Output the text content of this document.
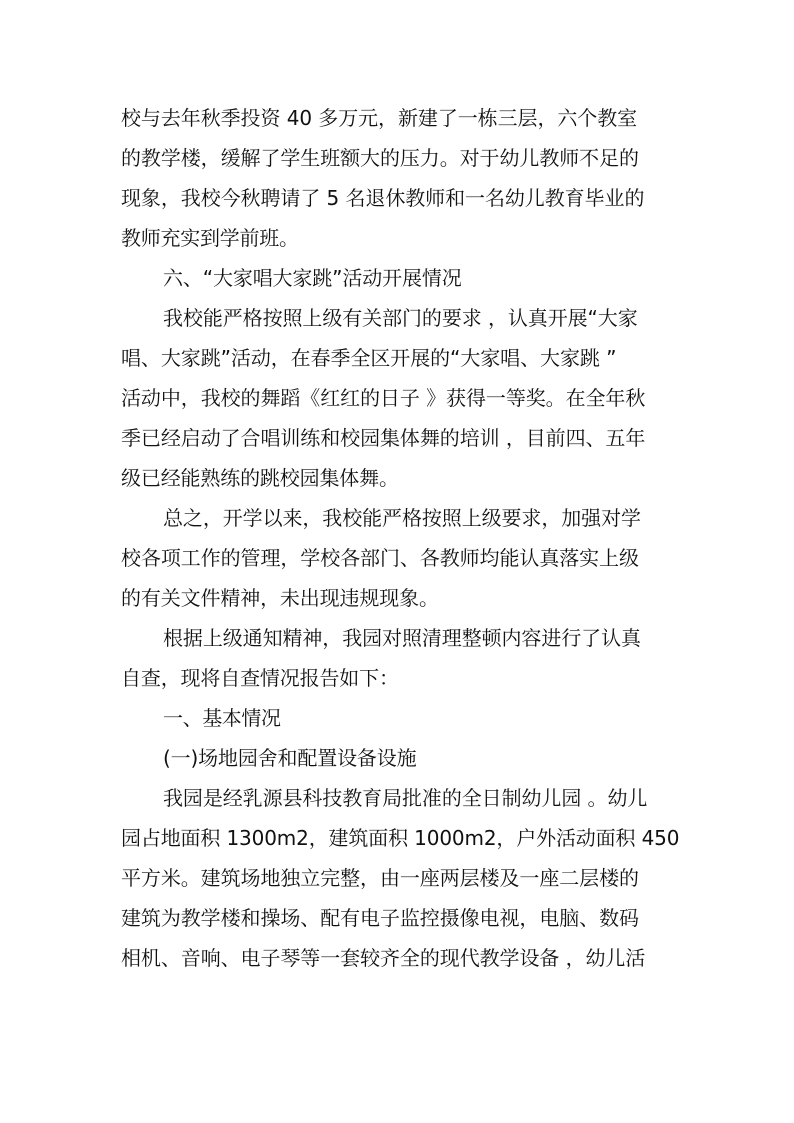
校与去年秋季投资 40 多万元，新建了一栋三层，六个教室
的教学楼，缓解了学生班额大的压力。对于幼儿教师不足的
现象，我校今秋聘请了 5 名退休教师和一名幼儿教育毕业的
教师充实到学前班。
六、“大家唱大家跳”活动开展情况
我校能严格按照上级有关部门的要求 ，认真开展“大家
唱、大家跳”活动，在春季全区开展的“大家唱、大家跳 ”
活动中，我校的舞蹈《红红的日子 》获得一等奖。在全年秋
季已经启动了合唱训练和校园集体舞的培训 ，目前四、五年
级已经能熟练的跳校园集体舞。
总之，开学以来，我校能严格按照上级要求，加强对学
校各项工作的管理，学校各部门、各教师均能认真落实上级
的有关文件精神，未出现违规现象。
根据上级通知精神，我园对照清理整顿内容进行了认真
自查，现将自查情况报告如下：
一、基本情况
(一)场地园舍和配置设备设施
我园是经乳源县科技教育局批准的全日制幼儿园 。幼儿
园占地面积 1300m2，建筑面积 1000m2，户外活动面积 450
平方米。建筑场地独立完整，由一座两层楼及一座二层楼的
建筑为教学楼和操场、配有电子监控摄像电视，电脑、数码
相机、音响、电子琴等一套较齐全的现代教学设备 ，幼儿活
